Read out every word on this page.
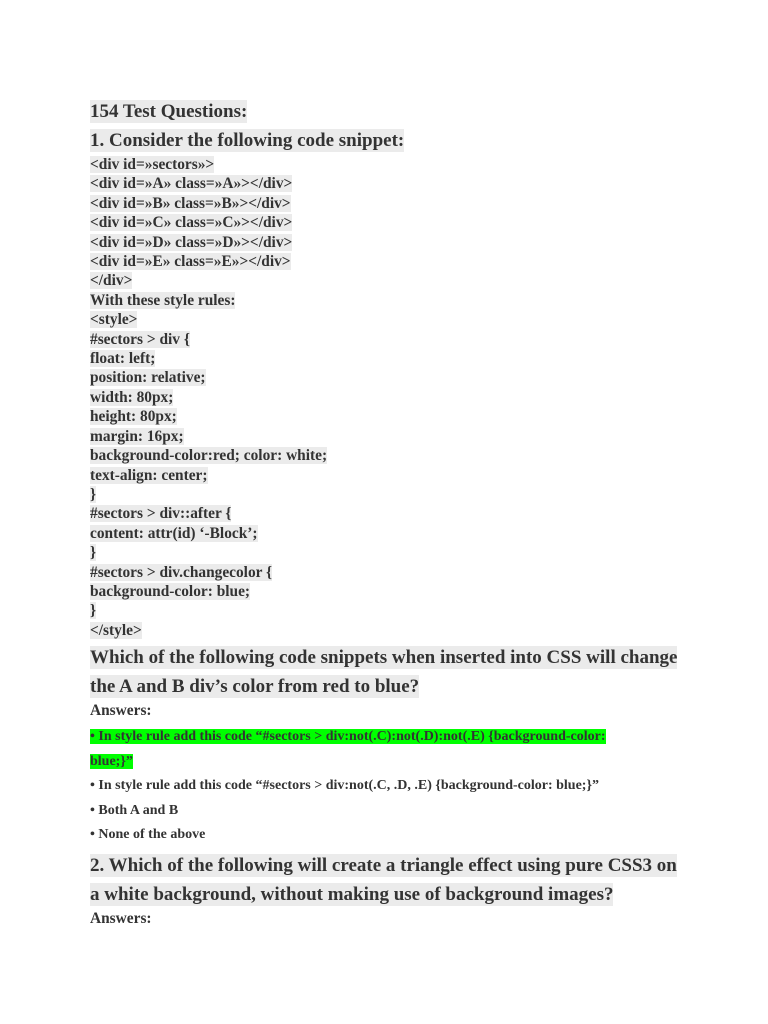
154 Test Questions:
1. Consider the following code snippet:
<div id=»sectors»>
<div id=»A» class=»A»></div>
<div id=»B» class=»B»></div>
<div id=»C» class=»C»></div>
<div id=»D» class=»D»></div>
<div id=»E» class=»E»></div>
</div>
With these style rules:
<style>
#sectors > div {
float: left;
position: relative;
width: 80px;
height: 80px;
margin: 16px;
background-color:red; color: white;
text-align: center;
}
#sectors > div::after {
content: attr(id) ‘-Block’;
}
#sectors > div.changecolor {
background-color: blue;
}
</style>
Which of the following code snippets when inserted into CSS will change
the A and B div’s color from red to blue?
Answers:
• In style rule add this code “#sectors > div:not(.C):not(.D):not(.E) {background-color:
blue;}”
• In style rule add this code “#sectors > div:not(.C, .D, .E) {background-color: blue;}”
• Both A and B
• None of the above
2. Which of the following will create a triangle effect using pure CSS3 on
a white background, without making use of background images?
Answers:
